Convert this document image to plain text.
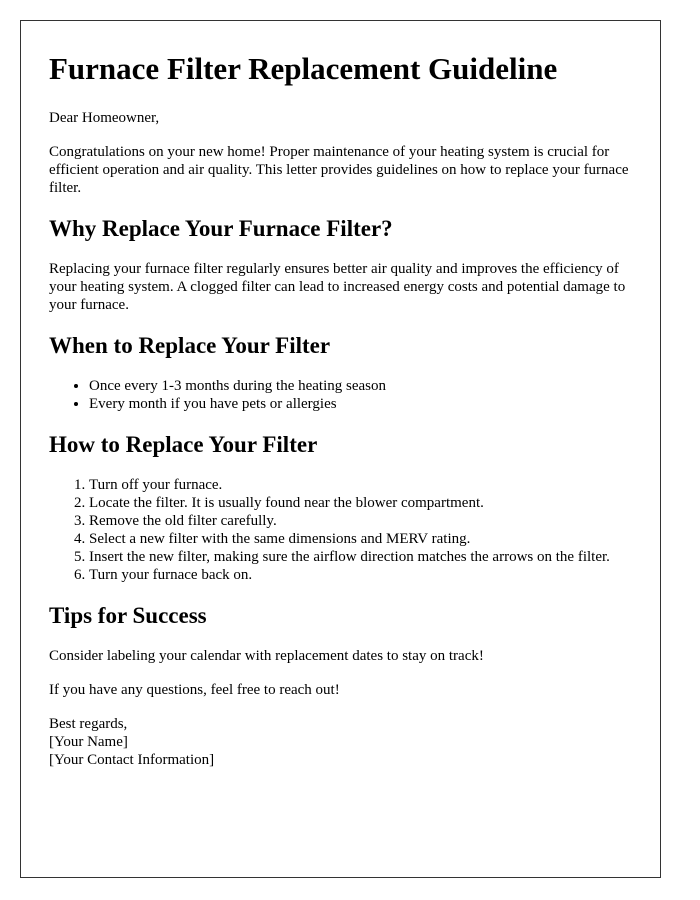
Furnace Filter Replacement Guideline

Dear Homeowner,

Congratulations on your new home! Proper maintenance of your heating system is crucial for efficient operation and air quality. This letter provides guidelines on how to replace your furnace filter.

Why Replace Your Furnace Filter?

Replacing your furnace filter regularly ensures better air quality and improves the efficiency of your heating system. A clogged filter can lead to increased energy costs and potential damage to your furnace.

When to Replace Your Filter
• Once every 1-3 months during the heating season
• Every month if you have pets or allergies
How to Replace Your Filter
1. Turn off your furnace.
2. Locate the filter. It is usually found near the blower compartment.
3. Remove the old filter carefully.
4. Select a new filter with the same dimensions and MERV rating.
5. Insert the new filter, making sure the airflow direction matches the arrows on the filter.
6. Turn your furnace back on.
Tips for Success

Consider labeling your calendar with replacement dates to stay on track!

If you have any questions, feel free to reach out!

Best regards,
[Your Name]
[Your Contact Information]
